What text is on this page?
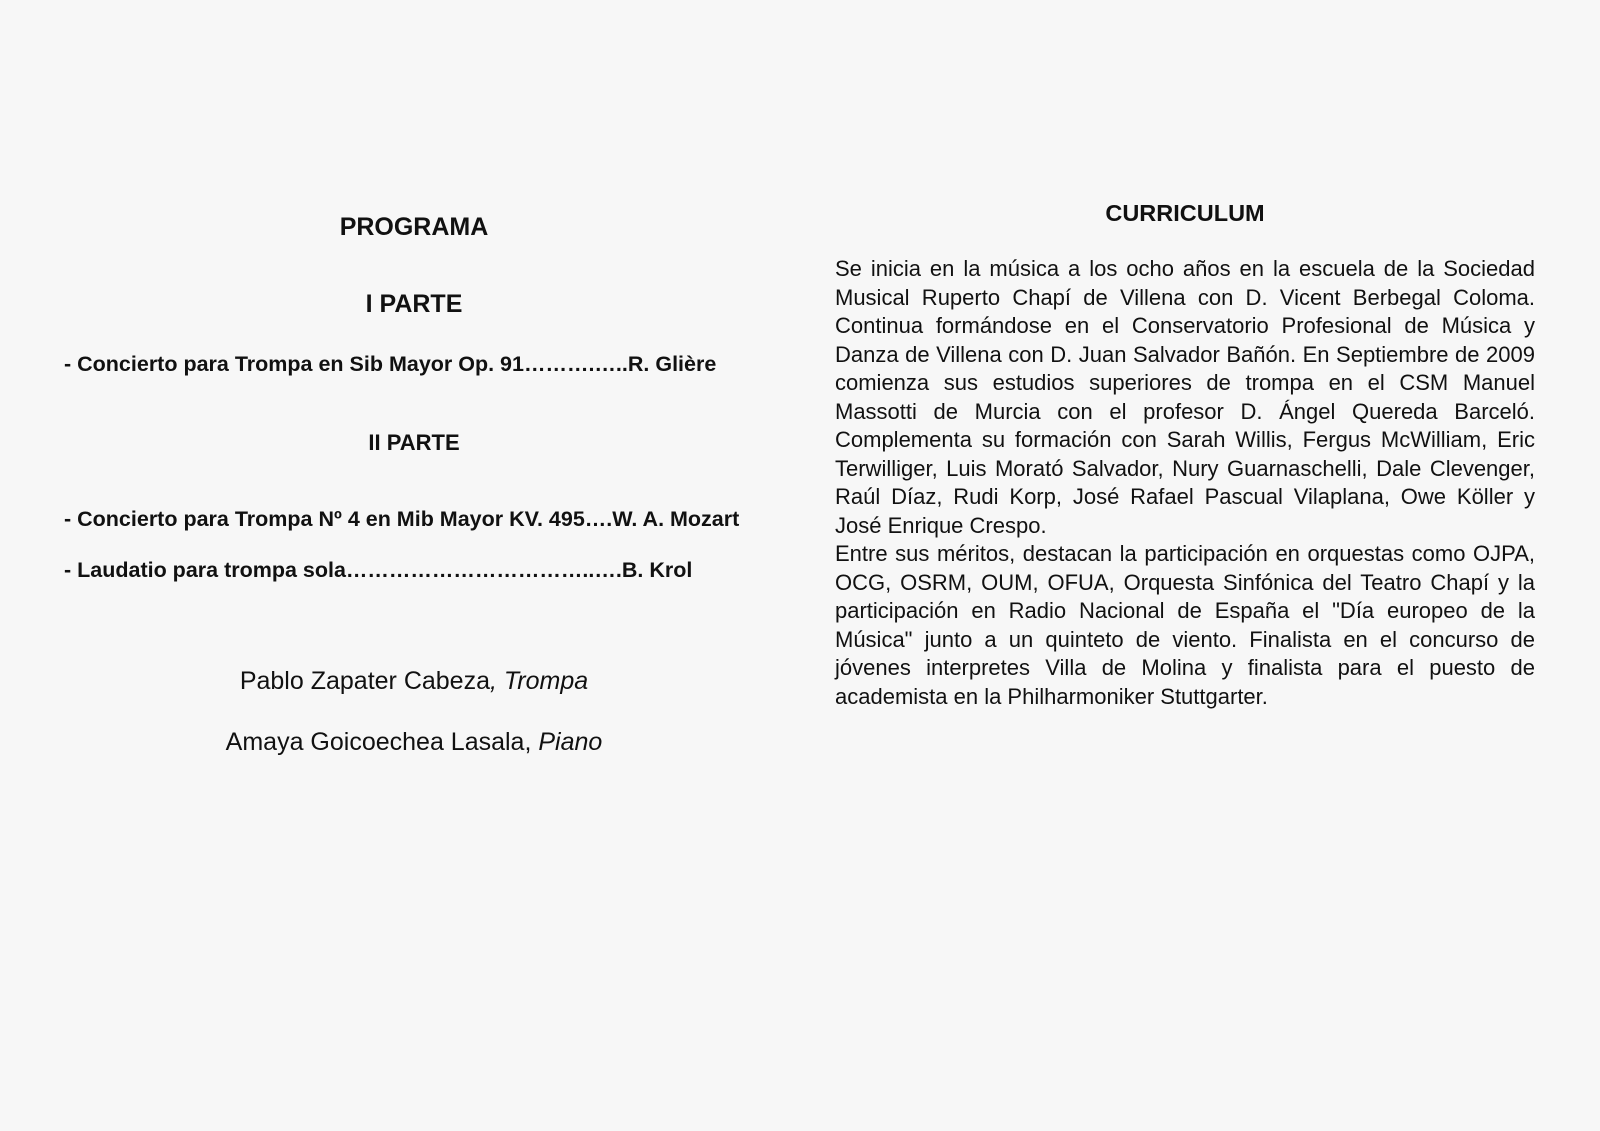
PROGRAMA
I PARTE

- Concierto para Trompa en Sib Mayor Op. 91……….…..R. Glière

II PARTE

- Concierto para Trompa Nº 4 en Mib Mayor KV. 495….W. A. Mozart

- Laudatio para trompa sola……………………………..….B. Krol

Pablo Zapater Cabeza, Trompa

Amaya Goicoechea Lasala, Piano

CURRICULUM

Se inicia en la música a los ocho años en la escuela de la Sociedad Musical Ruperto Chapí de Villena con D. Vicent Berbegal Coloma. Continua formándose en el Conservatorio Profesional de Música y Danza de Villena con D. Juan Salvador Bañón. En Septiembre de 2009 comienza sus estudios superiores de trompa en el CSM Manuel Massotti de Murcia con el profesor D. Ángel Quereda Barceló. Complementa su formación con Sarah Willis, Fergus McWilliam, Eric Terwilliger, Luis Morató Salvador, Nury Guarnaschelli, Dale Clevenger, Raúl Díaz, Rudi Korp, José Rafael Pascual Vilaplana, Owe Köller y José Enrique Crespo.

Entre sus méritos, destacan la participación en orquestas como OJPA, OCG, OSRM, OUM, OFUA, Orquesta Sinfónica del Teatro Chapí y la participación en Radio Nacional de España el "Día europeo de la Música" junto a un quinteto de viento. Finalista en el concurso de jóvenes interpretes Villa de Molina y finalista para el puesto de academista en la Philharmoniker Stuttgarter.
